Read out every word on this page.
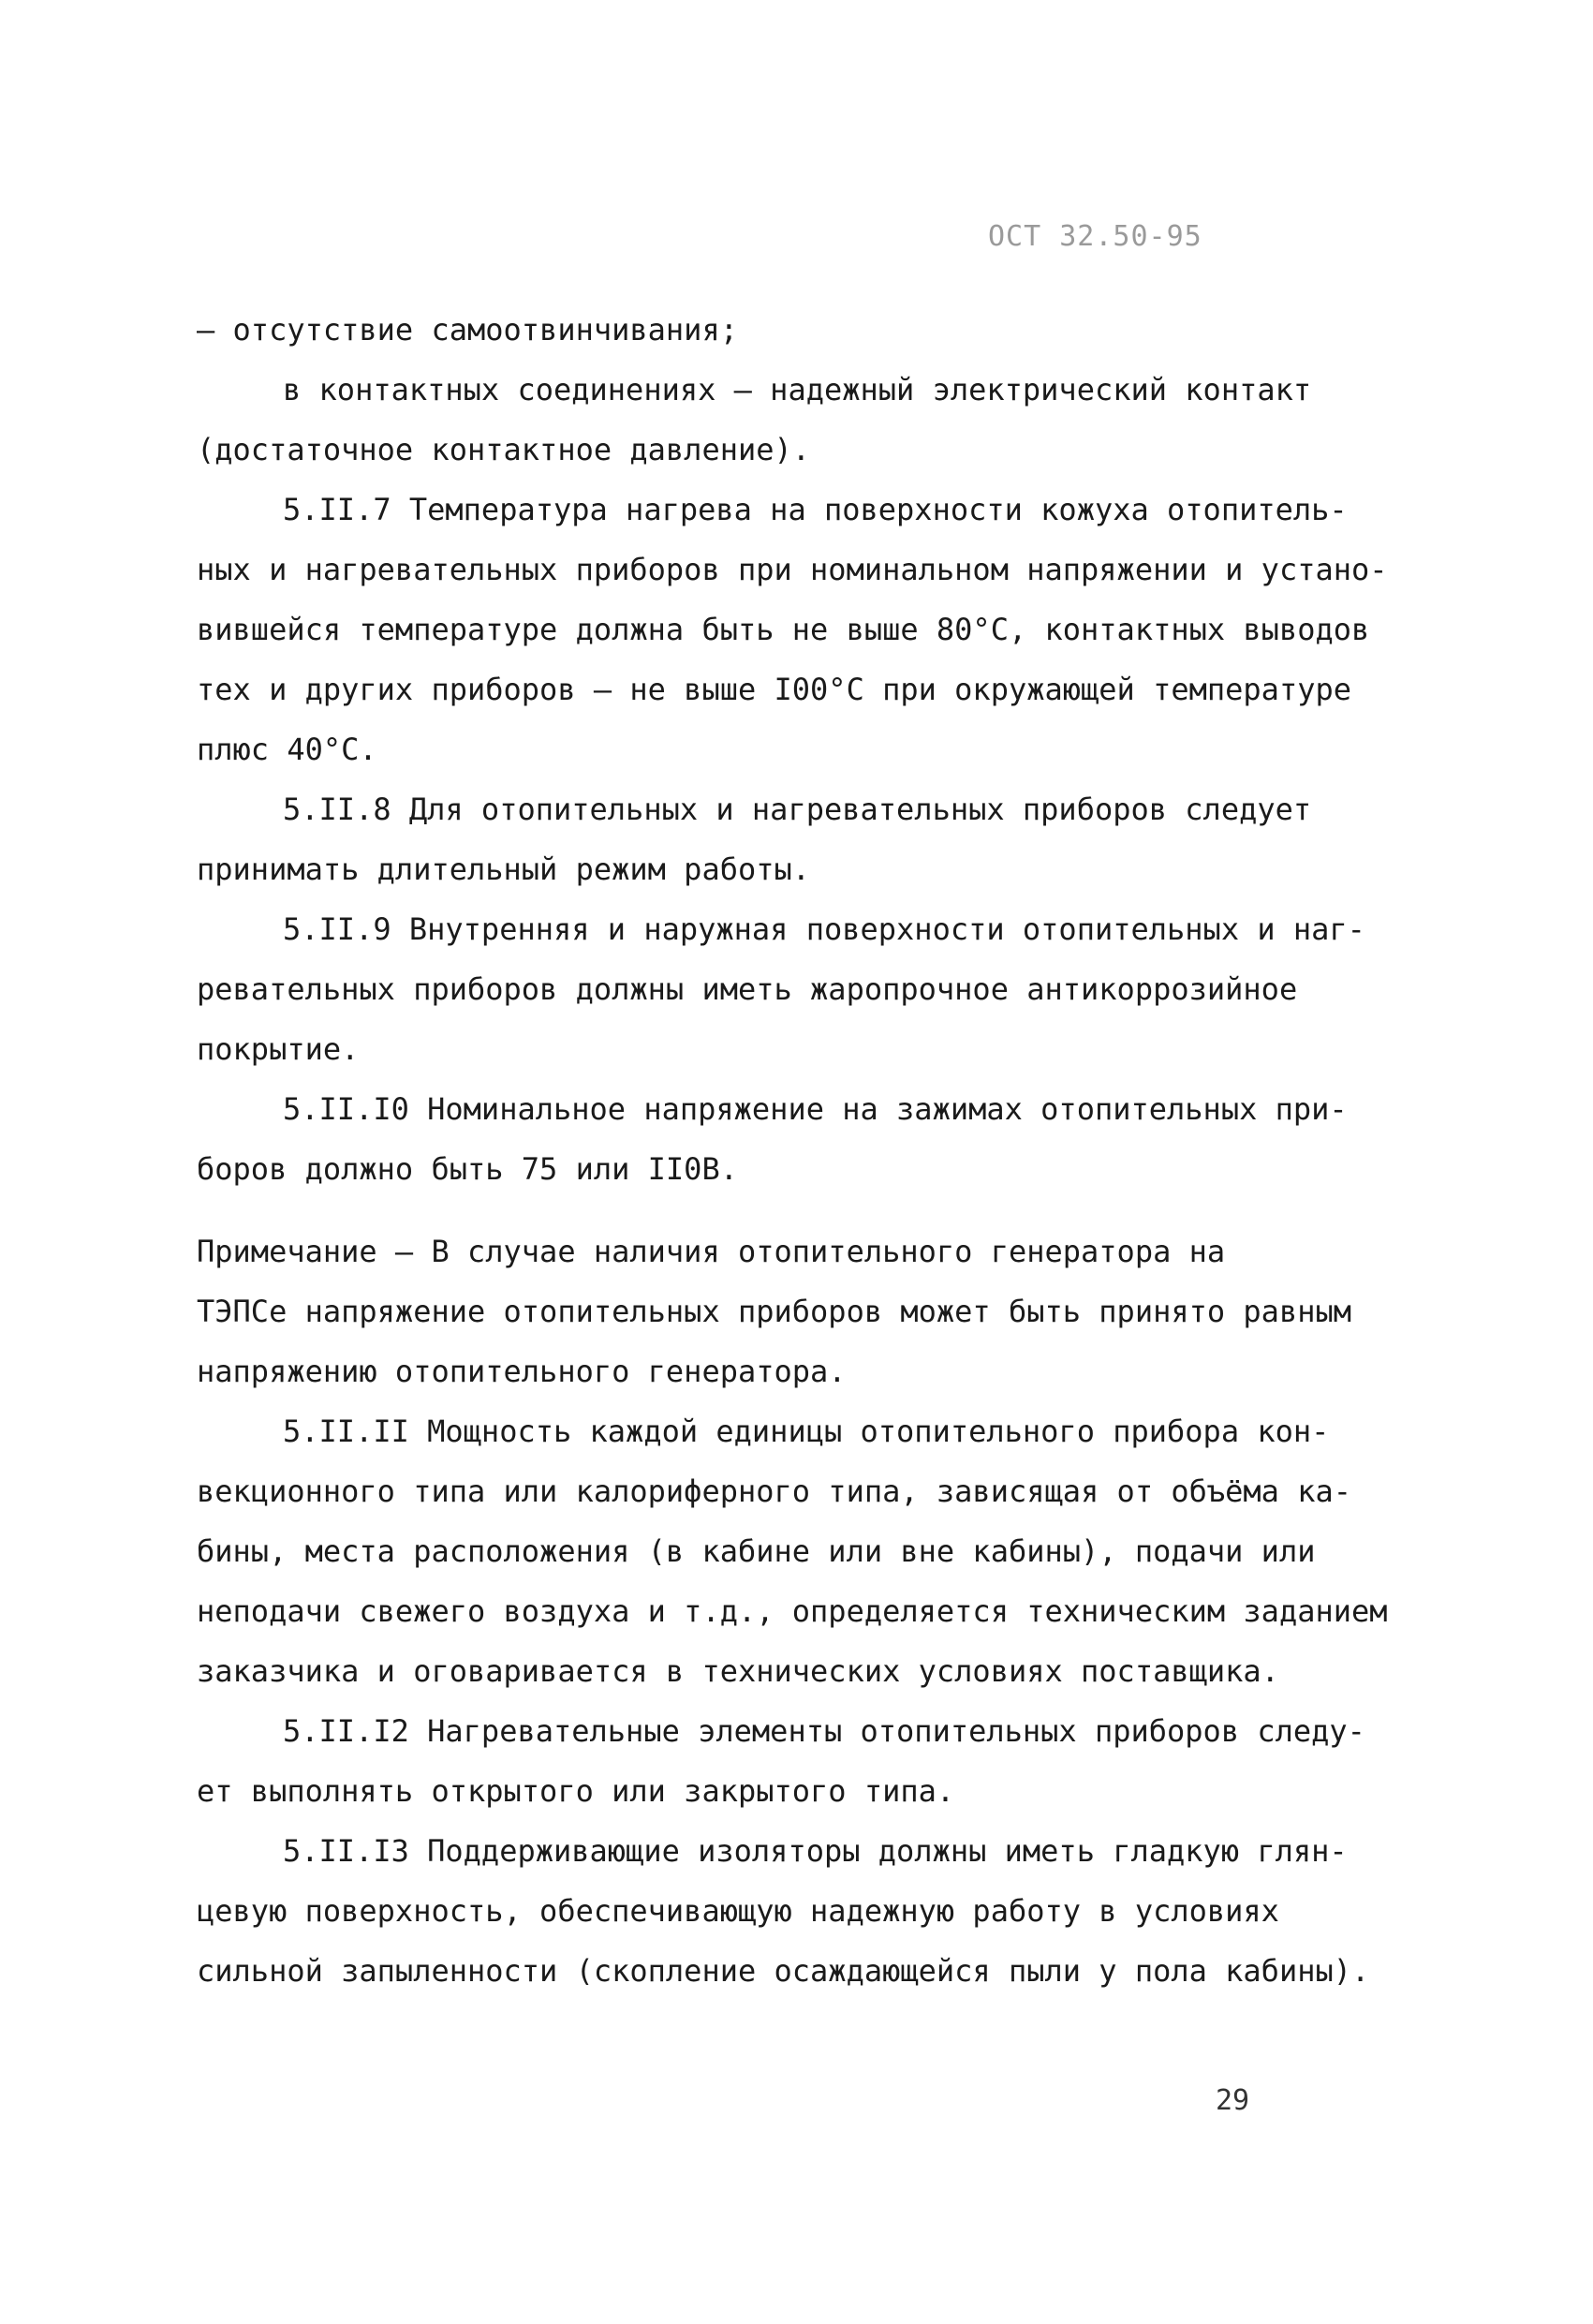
ОСТ 32.50-95
– отсутствие самоотвинчивания;
в контактных соединениях – надежный электрический контакт
(достаточное контактное давление).
5.II.7 Температура нагрева на поверхности кожуха отопитель-
ных и нагревательных приборов при номинальном напряжении и устано-
вившейся температуре должна быть не выше 80°С, контактных выводов
тех и других приборов – не выше I00°С при окружающей температуре
плюс 40°С.
5.II.8 Для отопительных и нагревательных приборов следует
принимать длительный режим работы.
5.II.9 Внутренняя и наружная поверхности отопительных и наг-
ревательных приборов должны иметь жаропрочное антикоррозийное
покрытие.
5.II.I0 Номинальное напряжение на зажимах отопительных при-
боров должно быть 75 или II0В.
Примечание – В случае наличия отопительного генератора на
ТЭПСе напряжение отопительных приборов может быть принято равным
напряжению отопительного генератора.
5.II.II Мощность каждой единицы отопительного прибора кон-
векционного типа или калориферного типа, зависящая от объёма ка-
бины, места расположения (в кабине или вне кабины), подачи или
неподачи свежего воздуха и т.д., определяется техническим заданием
заказчика и оговаривается в технических условиях поставщика.
5.II.I2 Нагревательные элементы отопительных приборов следу-
ет выполнять открытого или закрытого типа.
5.II.I3 Поддерживающие изоляторы должны иметь гладкую глян-
цевую поверхность, обеспечивающую надежную работу в условиях
сильной запыленности (скопление осаждающейся пыли у пола кабины).
29
